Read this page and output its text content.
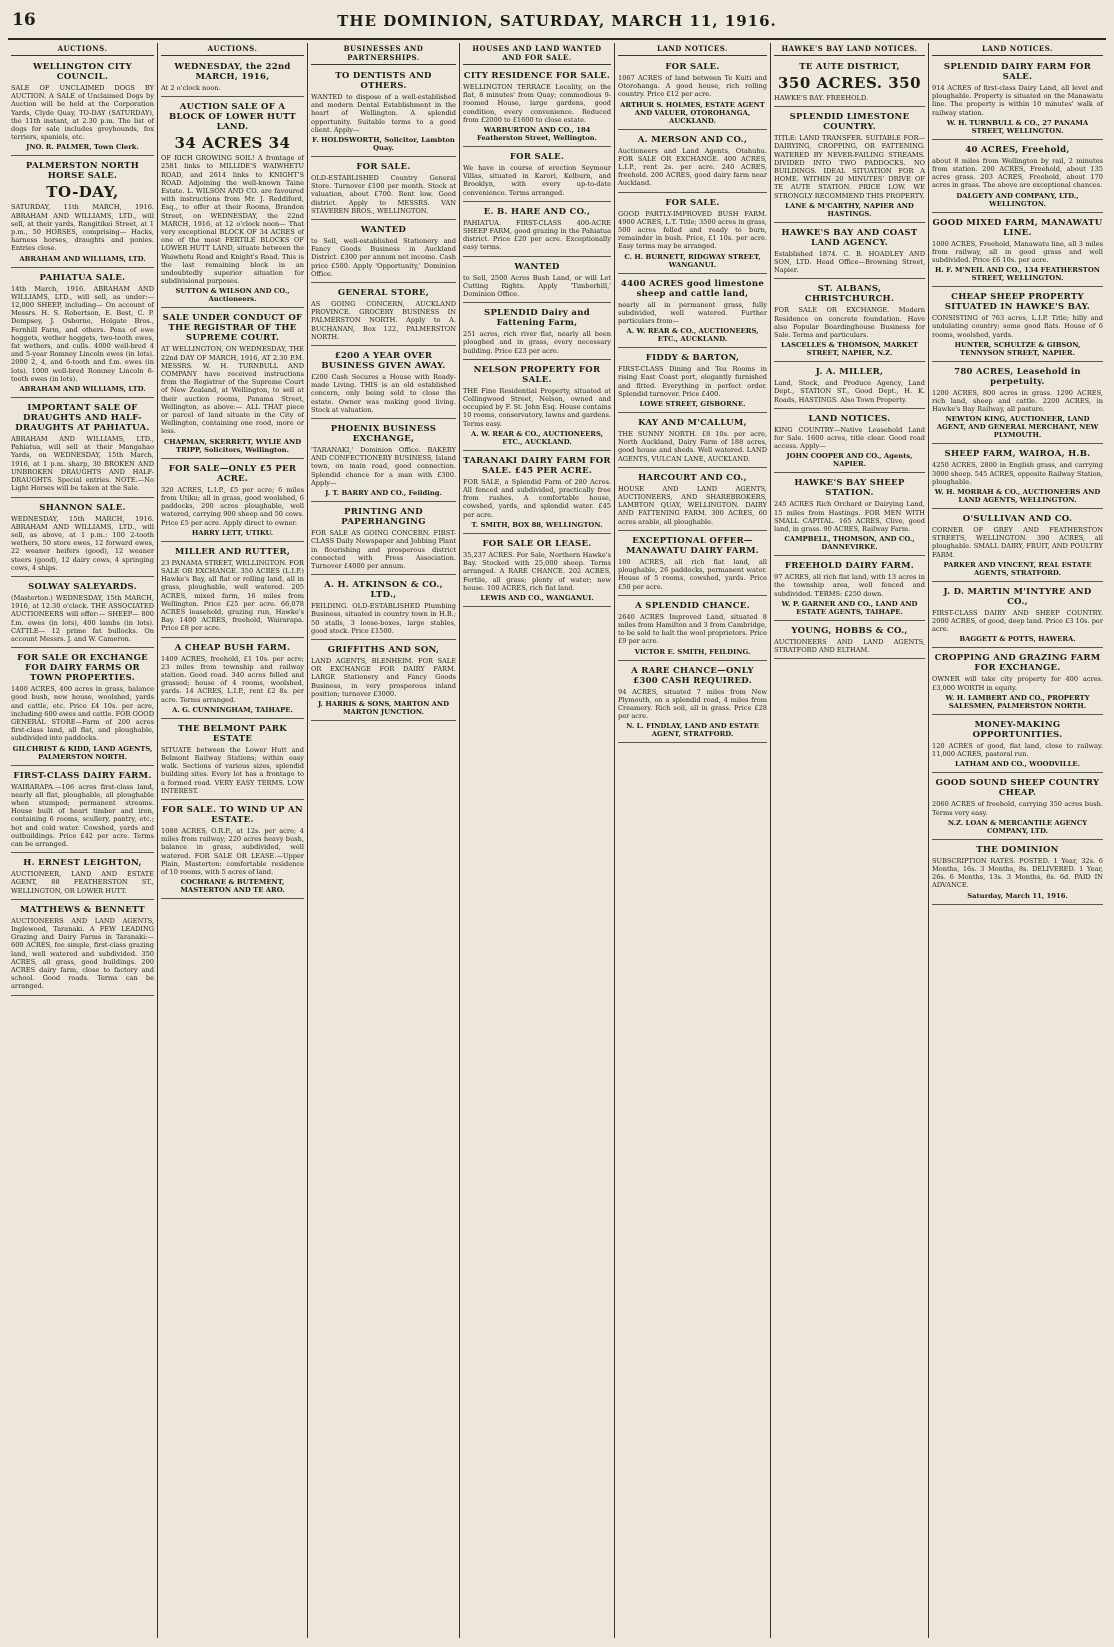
16	THE DOMINION, SATURDAY, MARCH 11, 1916.
AUCTIONS.
WELLINGTON CITY COUNCIL.
SALE OF UNCLAIMED DOGS BY AUCTION. A SALE of Unclaimed Dogs by Auction will be held at the Corporation Yards, Clyde Quay, TO-DAY (SATURDAY), the 11th instant, at 2.30 p.m. The list of dogs for sale includes greyhounds, fox terriers, spaniels, etc.
JNO. R. PALMER, Town Clerk.
PALMERSTON NORTH HORSE SALE.
TO-DAY,
SATURDAY, 11th MARCH, 1916. ABRAHAM AND WILLIAMS, LTD., will sell, at their yards, Rangitikei Street, at 1 p.m., 50 HORSES, comprising— Hacks, harness horses, draughts and ponies. Entries close.
ABRAHAM AND WILLIAMS, LTD.
PAHIATUA SALE.
14th March, 1916. ABRAHAM AND WILLIAMS, LTD., will sell, as under:— 12,000 SHEEP, including— On account of Messrs. H. S. Robertson, E. Best, C. P. Dempsey, J. Osborne, Holgate Bros., Fernhill Farm, and others. Pens of ewe hoggets, wether hoggets, two-tooth ewes, fat wethers, and culls. 4000 well-bred 4 and 5-year Romney Lincoln ewes (in lots). 2000 2, 4, and 6-tooth and f.m. ewes (in lots). 1000 well-bred Romney Lincoln 6-tooth ewes (in lots).
ABRAHAM AND WILLIAMS, LTD.
IMPORTANT SALE OF DRAUGHTS AND HALF-DRAUGHTS AT PAHIATUA.
ABRAHAM AND WILLIAMS, LTD., Pahiatua, will sell at their Mangahao Yards, on WEDNESDAY, 15th March, 1916, at 1 p.m. sharp, 30 BROKEN AND UNBROKEN DRAUGHTS AND HALF-DRAUGHTS. Special entries. NOTE.—No Light Horses will be taken at the Sale.
SHANNON SALE.
WEDNESDAY, 15th MARCH, 1916. ABRAHAM AND WILLIAMS, LTD., will sell, as above, at 1 p.m.: 100 2-tooth wethers, 50 store ewes, 12 forward ewes, 22 weaner heifers (good), 12 weaner steers (good), 12 dairy cows, 4 springing cows, 4 ships.
SOLWAY SALEYARDS.
(Masterton.) WEDNESDAY, 15th MARCH, 1916, at 12.30 o'clock. THE ASSOCIATED AUCTIONEERS will offer:— SHEEP— 800 f.m. ewes (in lots), 400 lambs (in lots). CATTLE— 12 prime fat bullocks. On account Messrs. J. and W. Cameron.
FOR SALE OR EXCHANGE FOR DAIRY FARMS OR TOWN PROPERTIES.
1400 ACRES, 400 acres in grass, balance good bush, new house, woolshed, yards and cattle, etc. Price £4 10s. per acre, including 600 ewes and cattle. FOR GOOD GENERAL STORE—Farm of 200 acres first-class land, all flat, and ploughable, subdivided into paddocks.
GILCHRIST & KIDD, LAND AGENTS, PALMERSTON NORTH.
FIRST-CLASS DAIRY FARM.
WAIRARAPA.—106 acres first-class land, nearly all flat, ploughable, all ploughable when stumped; permanent streams. House built of heart timber and iron, containing 6 rooms, scullery, pantry, etc.; hot and cold water. Cowshed, yards and outbuildings. Price £42 per acre. Terms can be arranged.
H. ERNEST LEIGHTON,
AUCTIONEER, LAND AND ESTATE AGENT, 88 FEATHERSTON ST., WELLINGTON, OR LOWER HUTT.
MATTHEWS & BENNETT
AUCTIONEERS AND LAND AGENTS, Inglewood, Taranaki. A FEW LEADING Grazing and Dairy Farms in Taranaki:— 600 ACRES, fee simple, first-class grazing land, well watered and subdivided. 350 ACRES, all grass, good buildings. 200 ACRES dairy farm, close to factory and school. Good roads. Terms can be arranged.
AUCTIONS.
WEDNESDAY, the 22nd MARCH, 1916,
At 2 o'clock noon.
AUCTION SALE OF A BLOCK OF LOWER HUTT LAND.
34 ACRES 34
OF RICH GROWING SOIL! A frontage of 2581 links to MILLIDE'S WAIWHETU ROAD, and 2614 links to KNIGHT'S ROAD. Adjoining the well-known Taine Estate. L. WILSON AND CO. are favoured with instructions from Mr. J. Reddiford, Esq., to offer at their Rooms, Brandon Street, on WEDNESDAY, the 22nd MARCH, 1916, at 12 o'clock noon— That very exceptional BLOCK OF 34 ACRES of one of the most FERTILE BLOCKS OF LOWER HUTT LAND, situate between the Waiwhetu Road and Knight's Road. This is the last remaining block in an undoubtedly superior situation for subdivisional purposes.
SUTTON & WILSON AND CO., Auctioneers.
SALE UNDER CONDUCT OF THE REGISTRAR OF THE SUPREME COURT.
AT WELLINGTON, ON WEDNESDAY, THE 22nd DAY OF MARCH, 1916, AT 2.30 P.M. MESSRS. W. H. TURNBULL AND COMPANY have received instructions from the Registrar of the Supreme Court of New Zealand, at Wellington, to sell at their auction rooms, Panama Street, Wellington, as above:— ALL THAT piece or parcel of land situate in the City of Wellington, containing one rood, more or less.
CHAPMAN, SKERRETT, WYLIE AND TRIPP, Solicitors, Wellington.
FOR SALE—ONLY £5 PER ACRE.
320 ACRES, L.I.P., £5 per acre; 6 miles from Utiku; all in grass, good woolshed, 6 paddocks, 200 acres ploughable, well watered, carrying 900 sheep and 50 cows. Price £5 per acre. Apply direct to owner.
HARRY LETT, UTIKU.
MILLER AND RUTTER,
23 PANAMA STREET, WELLINGTON. FOR SALE OR EXCHANGE. 350 ACRES (L.I.P.) Hawke's Bay, all flat or rolling land, all in grass, ploughable, well watered. 205 ACRES, mixed farm, 16 miles from Wellington. Price £25 per acre. 66,078 ACRES leasehold, grazing run, Hawke's Bay. 1400 ACRES, freehold, Wairarapa. Price £8 per acre.
A CHEAP BUSH FARM.
1409 ACRES, freehold, £1 10s. per acre; 23 miles from township and railway station. Good road. 340 acres felled and grassed; house of 4 rooms, woolshed, yards. 14 ACRES, L.I.P., rent £2 8s. per acre. Terms arranged.
A. G. CUNNINGHAM, TAIHAPE.
THE BELMONT PARK ESTATE
SITUATE between the Lower Hutt and Belmont Railway Stations; within easy walk. Sections of various sizes, splendid building sites. Every lot has a frontage to a formed road. VERY EASY TERMS. LOW INTEREST.
FOR SALE. TO WIND UP AN ESTATE.
1088 ACRES, O.R.P., at 12s. per acre; 4 miles from railway; 220 acres heavy bush, balance in grass, subdivided, well watered. FOR SALE OR LEASE.—Upper Plain, Masterton: comfortable residence of 10 rooms, with 5 acres of land.
COCHRANE & BUTEMENT, MASTERTON AND TE ARO.
BUSINESSES AND PARTNERSHIPS.
TO DENTISTS AND OTHERS.
WANTED to dispose of a well-established and modern Dental Establishment in the heart of Wellington. A splendid opportunity. Suitable terms to a good client. Apply—
F. HOLDSWORTH, Solicitor, Lambton Quay.
FOR SALE.
OLD-ESTABLISHED Country General Store. Turnover £100 per month. Stock at valuation, about £700. Rent low. Good district. Apply to MESSRS. VAN STAVEREN BROS., WELLINGTON.
WANTED
to Sell, well-established Stationery and Fancy Goods Business in Auckland District. £300 per annum net income. Cash price £500. Apply 'Opportunity,' Dominion Office.
GENERAL STORE,
AS GOING CONCERN, AUCKLAND PROVINCE. GROCERY BUSINESS IN PALMERSTON NORTH. Apply to A. BUCHANAN, Box 122, PALMERSTON NORTH.
£200 A YEAR OVER BUSINESS GIVEN AWAY.
£200 Cash Secures a House with Ready-made Living. THIS is an old established concern, only being sold to close the estate. Owner was making good living. Stock at valuation.
PHOENIX BUSINESS EXCHANGE,
'TARANAKI,' Dominion Office. BAKERY AND CONFECTIONERY BUSINESS, Island town, on main road, good connection. Splendid chance for a man with £300. Apply—
J. T. BARRY AND CO., Feilding.
PRINTING AND PAPERHANGING
FOR SALE AS GOING CONCERN. FIRST-CLASS Daily Newspaper and Jobbing Plant in flourishing and prosperous district connected with Press Association. Turnover £4000 per annum.
A. H. ATKINSON & CO., LTD.,
FEILDING. OLD-ESTABLISHED Plumbing Business, situated in country town in H.B.; 50 stalls, 3 loose-boxes, large stables, good stock. Price £1500.
GRIFFITHS AND SON,
LAND AGENTS, BLENHEIM. FOR SALE OR EXCHANGE FOR DAIRY FARM. LARGE Stationery and Fancy Goods Business, in very prosperous inland position; turnover £3000.
J. HARRIS & SONS, MARTON AND MARTON JUNCTION.
HOUSES AND LAND WANTED AND FOR SALE.
CITY RESIDENCE FOR SALE.
WELLINGTON TERRACE Locality, on the flat, 8 minutes' from Quay; commodious 9-roomed House, large gardens, good condition, every convenience. Reduced from £2000 to £1600 to close estate.
WARBURTON AND CO., 184 Featherston Street, Wellington.
FOR SALE.
We have in course of erection Seymour Villas, situated in Karori, Kelburn, and Brooklyn, with every up-to-date convenience. Terms arranged.
E. B. HARE AND CO.,
PAHIATUA. FIRST-CLASS 400-ACRE SHEEP FARM, good grazing in the Pahiatua district. Price £20 per acre. Exceptionally easy terms.
WANTED
to Sell, 2500 Acres Bush Land, or will Let Cutting Rights. Apply 'Timberhill,' Dominion Office.
SPLENDID Dairy and Fattening Farm,
251 acres, rich river flat, nearly all been ploughed and in grass, every necessary building. Price £23 per acre.
NELSON PROPERTY FOR SALE.
THE Fine Residential Property, situated at Collingwood Street, Nelson, owned and occupied by F. St. John Esq. House contains 10 rooms, conservatory, lawns and gardens. Terms easy.
A. W. REAR & CO., AUCTIONEERS, ETC., AUCKLAND.
TARANAKI DAIRY FARM FOR SALE. £45 PER ACRE.
FOR SALE, a Splendid Farm of 280 Acres. All fenced and subdivided, practically free from rushes. A comfortable house, cowshed, yards, and splendid water. £45 per acre.
T. SMITH, BOX 88, WELLINGTON.
FOR SALE OR LEASE.
35,237 ACRES. For Sale, Northern Hawke's Bay. Stocked with 25,000 sheep. Terms arranged. A RARE CHANCE. 202 ACRES, Fertile, all grass; plenty of water; new house. 100 ACRES, rich flat land.
LEWIS AND CO., WANGANUI.
LAND NOTICES.
FOR SALE.
1067 ACRES of land between Te Kuiti and Otorohanga. A good house, rich rolling country. Price £12 per acre.
ARTHUR S. HOLMES, ESTATE AGENT AND VALUER, OTOROHANGA, AUCKLAND.
A. MERSON AND CO.,
Auctioneers and Land Agents, Otahuhu. FOR SALE OR EXCHANGE. 400 ACRES, L.I.P., rent 2s. per acre. 240 ACRES, freehold. 200 ACRES, good dairy farm near Auckland.
FOR SALE.
GOOD PARTLY-IMPROVED BUSH FARM. 4900 ACRES, L.T. Title; 3500 acres in grass, 500 acres felled and ready to burn, remainder in bush. Price, £1 10s. per acre. Easy terms may be arranged.
C. H. BURNETT, RIDGWAY STREET, WANGANUI.
4400 ACRES good limestone sheep and cattle land,
nearly all in permanent grass, fully subdivided, well watered. Further particulars from—
A. W. REAR & CO., AUCTIONEERS, ETC., AUCKLAND.
FIDDY & BARTON,
FIRST-CLASS Dining and Tea Rooms in rising East Coast port, elegantly furnished and fitted. Everything in perfect order. Splendid turnover. Price £400.
LOWE STREET, GISBORNE.
KAY AND M'CALLUM,
THE SUNNY NORTH. £8 10s. per acre, North Auckland, Dairy Farm of 188 acres, good house and sheds. Well watered. LAND AGENTS, VULCAN LANE, AUCKLAND.
HARCOURT AND CO.,
HOUSE AND LAND AGENTS, AUCTIONEERS, AND SHAREBROKERS, LAMBTON QUAY, WELLINGTON. DAIRY AND FATTENING FARM. 300 ACRES, 60 acres arable, all ploughable.
EXCEPTIONAL OFFER—MANAWATU DAIRY FARM.
100 ACRES, all rich flat land, all ploughable, 26 paddocks, permanent water. House of 5 rooms, cowshed, yards. Price £50 per acre.
A SPLENDID CHANCE.
2640 ACRES Improved Land, situated 8 miles from Hamilton and 3 from Cambridge, to be sold to halt the wool proprietors. Price £9 per acre.
VICTOR E. SMITH, FEILDING.
A RARE CHANCE—ONLY £300 CASH REQUIRED.
94 ACRES, situated 7 miles from New Plymouth, on a splendid road, 4 miles from Creamery. Rich soil, all in grass. Price £28 per acre.
N. L. FINDLAY, LAND AND ESTATE AGENT, STRATFORD.
HAWKE'S BAY LAND NOTICES.
TE AUTE DISTRICT,
350 ACRES. 350
HAWKE'S BAY. FREEHOLD.
SPLENDID LIMESTONE COUNTRY.
TITLE: LAND TRANSFER. SUITABLE FOR— DAIRYING, CROPPING, OR FATTENING. WATERED BY NEVER-FAILING STREAMS. DIVIDED INTO TWO PADDOCKS. NO BUILDINGS. IDEAL SITUATION FOR A HOME. WITHIN 20 MINUTES' DRIVE OF TE AUTE STATION. PRICE LOW. WE STRONGLY RECOMMEND THIS PROPERTY.
LANE & M'CARTHY, NAPIER AND HASTINGS.
HAWKE'S BAY AND COAST LAND AGENCY.
Established 1874. C. B. HOADLEY AND SON, LTD. Head Office—Browning Street, Napier.
ST. ALBANS, CHRISTCHURCH.
FOR SALE OR EXCHANGE. Modern Residence on concrete foundation. Have also Popular Boardinghouse Business for Sale. Terms and particulars.
LASCELLES & THOMSON, MARKET STREET, NAPIER, N.Z.
J. A. MILLER,
Land, Stock, and Produce Agency, Land Dept., STATION ST., Good Dept., H. K. Roads, HASTINGS. Also Town Property.
LAND NOTICES.
KING COUNTRY—Native Leasehold Land for Sale. 1600 acres, title clear. Good road access. Apply—
JOHN COOPER AND CO., Agents, NAPIER.
HAWKE'S BAY SHEEP STATION.
245 ACRES Rich Orchard or Dairying Land, 15 miles from Hastings. FOR MEN WITH SMALL CAPITAL. 165 ACRES, Clive, good land, in grass. 90 ACRES, Railway Farm.
CAMPBELL, THOMSON, AND CO., DANNEVIRKE.
FREEHOLD DAIRY FARM.
97 ACRES, all rich flat land, with 13 acres in the township area, well fenced and subdivided. TERMS: £250 down.
W. P. GARNER AND CO., LAND AND ESTATE AGENTS, TAIHAPE.
YOUNG, HOBBS & CO.,
AUCTIONEERS AND LAND AGENTS, STRATFORD AND ELTHAM.
LAND NOTICES.
SPLENDID DAIRY FARM FOR SALE.
914 ACRES of first-class Dairy Land, all level and ploughable. Property is situated on the Manawatu line. The property is within 10 minutes' walk of railway station.
W. H. TURNBULL & CO., 27 PANAMA STREET, WELLINGTON.
40 ACRES, Freehold,
about 8 miles from Wellington by rail, 2 minutes from station. 200 ACRES, Freehold, about 135 acres grass. 203 ACRES, Freehold, about 170 acres in grass. The above are exceptional chances.
DALGETY AND COMPANY, LTD., WELLINGTON.
GOOD MIXED FARM, MANAWATU LINE.
1000 ACRES, Freehold, Manawatu line, all 3 miles from railway, all in good grass and well subdivided. Price £6 10s. per acre.
H. F. M'NEIL AND CO., 134 FEATHERSTON STREET, WELLINGTON.
CHEAP SHEEP PROPERTY SITUATED IN HAWKE'S BAY.
CONSISTING of 763 acres, L.I.P. Title; hilly and undulating country; some good flats. House of 6 rooms, woolshed, yards.
HUNTER, SCHULTZE & GIBSON, TENNYSON STREET, NAPIER.
780 ACRES, Leasehold in perpetuity.
1200 ACRES, 800 acres in grass. 1290 ACRES, rich land, sheep and cattle. 2200 ACRES, in Hawke's Bay Railway, all pasture.
NEWTON KING, AUCTIONEER, LAND AGENT, AND GENERAL MERCHANT, NEW PLYMOUTH.
SHEEP FARM, WAIROA, H.B.
4250 ACRES, 2800 in English grass, and carrying 3000 sheep. 545 ACRES, opposite Railway Station, ploughable.
W. H. MORRAH & CO., AUCTIONEERS AND LAND AGENTS, WELLINGTON.
O'SULLIVAN AND CO.
CORNER OF GREY AND FEATHERSTON STREETS, WELLINGTON. 390 ACRES, all ploughable. SMALL DAIRY, FRUIT, AND POULTRY FARM.
PARKER AND VINCENT, REAL ESTATE AGENTS, STRATFORD.
J. D. MARTIN M'INTYRE AND CO.,
FIRST-CLASS DAIRY AND SHEEP COUNTRY. 2000 ACRES, of good, deep land. Price £3 10s. per acre.
BAGGETT & POTTS, HAWERA.
CROPPING AND GRAZING FARM FOR EXCHANGE.
OWNER will take city property for 400 acres. £3,000 WORTH in equity.
W. H. LAMBERT AND CO., PROPERTY SALESMEN, PALMERSTON NORTH.
MONEY-MAKING OPPORTUNITIES.
120 ACRES of good, flat land, close to railway. 11,000 ACRES, pastoral run.
LATHAM AND CO., WOODVILLE.
GOOD SOUND SHEEP COUNTRY CHEAP.
2060 ACRES of freehold, carrying 350 acres bush. Terms very easy.
N.Z. LOAN & MERCANTILE AGENCY COMPANY, LTD.
THE DOMINION
SUBSCRIPTION RATES. POSTED. 1 Year, 32s. 6 Months, 16s. 3 Months, 8s. DELIVERED. 1 Year, 26s. 6 Months, 13s. 3 Months, 6s. 6d. PAID IN ADVANCE.
Saturday, March 11, 1916.
